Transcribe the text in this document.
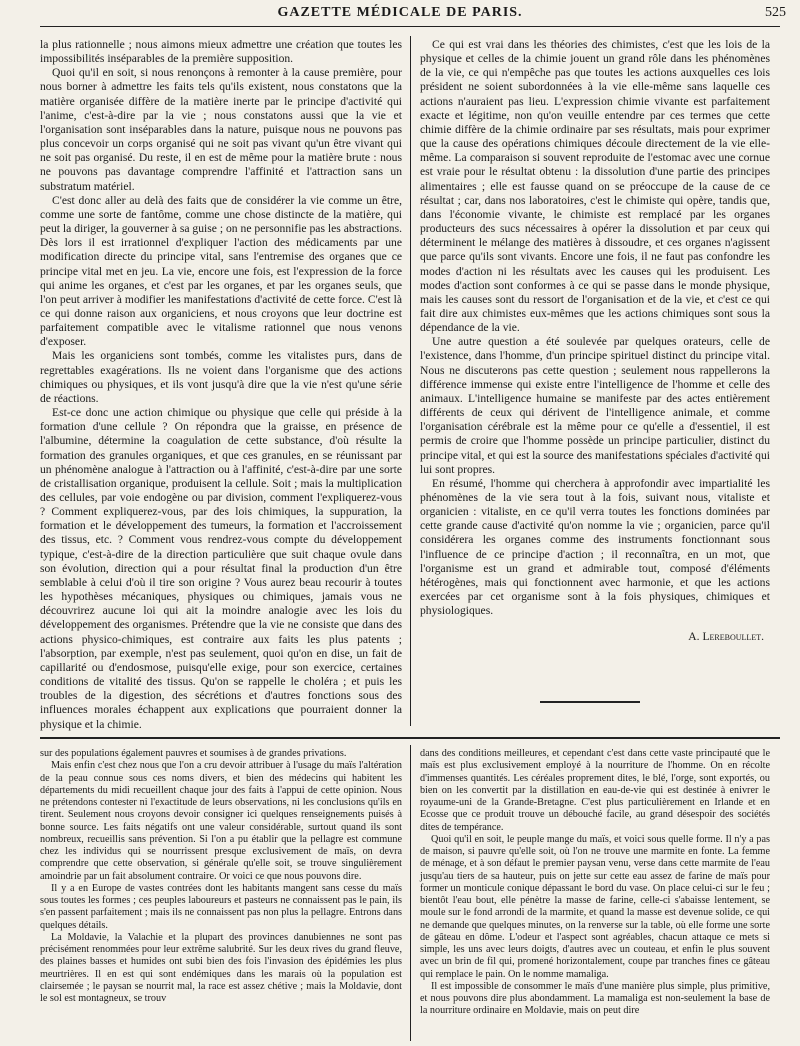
GAZETTE MÉDICALE DE PARIS.	525

la plus rationnelle ; nous aimons mieux admettre une création que toutes les impossibilités inséparables de la première supposition.

Quoi qu'il en soit, si nous renonçons à remonter à la cause première, pour nous borner à admettre les faits tels qu'ils existent, nous constatons que la matière organisée diffère de la matière inerte par le principe d'activité qui l'anime, c'est-à-dire par la vie ; nous constatons aussi que la vie et l'organisation sont inséparables dans la nature, puisque nous ne pouvons pas plus concevoir un corps organisé qui ne soit pas vivant qu'un être vivant qui ne soit pas organisé. Du reste, il en est de même pour la matière brute : nous ne pouvons pas davantage comprendre l'affinité et l'attraction sans un substratum matériel.

C'est donc aller au delà des faits que de considérer la vie comme un être, comme une sorte de fantôme, comme une chose distincte de la matière, qui peut la diriger, la gouverner à sa guise ; on ne personnifie pas les abstractions. Dès lors il est irrationnel d'expliquer l'action des médicaments par une modification directe du principe vital, sans l'entremise des organes que ce principe vital met en jeu. La vie, encore une fois, est l'expression de la force qui anime les organes, et c'est par les organes, et par les organes seuls, que l'on peut arriver à modifier les manifestations d'activité de cette force. C'est là ce qui donne raison aux organiciens, et nous croyons que leur doctrine est parfaitement compatible avec le vitalisme rationnel que nous venons d'exposer.

Mais les organiciens sont tombés, comme les vitalistes purs, dans de regrettables exagérations. Ils ne voient dans l'organisme que des actions chimiques ou physiques, et ils vont jusqu'à dire que la vie n'est qu'une série de réactions.

Est-ce donc une action chimique ou physique que celle qui préside à la formation d'une cellule ? On répondra que la graisse, en présence de l'albumine, détermine la coagulation de cette substance, d'où résulte la formation des granules organiques, et que ces granules, en se réunissant par un phénomène analogue à l'attraction ou à l'affinité, c'est-à-dire par une sorte de cristallisation organique, produisent la cellule. Soit ; mais la multiplication des cellules, par voie endogène ou par division, comment l'expliquerez-vous ? Comment expliquerez-vous, par des lois chimiques, la suppuration, la formation et le développement des tumeurs, la formation et l'accroissement des tissus, etc. ? Comment vous rendrez-vous compte du développement typique, c'est-à-dire de la direction particulière que suit chaque ovule dans son évolution, direction qui a pour résultat final la production d'un être semblable à celui d'où il tire son origine ? Vous aurez beau recourir à toutes les hypothèses mécaniques, physiques ou chimiques, jamais vous ne découvrirez aucune loi qui ait la moindre analogie avec les lois du développement des organismes. Prétendre que la vie ne consiste que dans des actions physico-chimiques, est contraire aux faits les plus patents ; l'absorption, par exemple, n'est pas seulement, quoi qu'on en dise, un fait de capillarité ou d'endosmose, puisqu'elle exige, pour son exercice, certaines conditions de vitalité des tissus. Qu'on se rappelle le choléra ; et puis les troubles de la digestion, des sécrétions et d'autres fonctions sous des influences morales échappent aux explications que pourraient donner la physique et la chimie.

Ce qui est vrai dans les théories des chimistes, c'est que les lois de la physique et celles de la chimie jouent un grand rôle dans les phénomènes de la vie, ce qui n'empêche pas que toutes les actions auxquelles ces lois président ne soient subordonnées à la vie elle-même sans laquelle ces actions n'auraient pas lieu. L'expression chimie vivante est parfaitement exacte et légitime, non qu'on veuille entendre par ces termes que cette chimie diffère de la chimie ordinaire par ses résultats, mais pour exprimer que la cause des opérations chimiques découle directement de la vie elle-même. La comparaison si souvent reproduite de l'estomac avec une cornue est vraie pour le résultat obtenu : la dissolution d'une partie des principes alimentaires ; elle est fausse quand on se préoccupe de la cause de ce résultat ; car, dans nos laboratoires, c'est le chimiste qui opère, tandis que, dans l'économie vivante, le chimiste est remplacé par les organes producteurs des sucs nécessaires à opérer la dissolution et par ceux qui déterminent le mélange des matières à dissoudre, et ces organes n'agissent que parce qu'ils sont vivants. Encore une fois, il ne faut pas confondre les modes d'action ni les résultats avec les causes qui les produisent. Les modes d'action sont conformes à ce qui se passe dans le monde physique, mais les causes sont du ressort de l'organisation et de la vie, et c'est ce qui fait dire aux chimistes eux-mêmes que les actions chimiques sont sous la dépendance de la vie.

Une autre question a été soulevée par quelques orateurs, celle de l'existence, dans l'homme, d'un principe spirituel distinct du principe vital. Nous ne discuterons pas cette question ; seulement nous rappellerons la différence immense qui existe entre l'intelligence de l'homme et celle des animaux. L'intelligence humaine se manifeste par des actes entièrement différents de ceux qui dérivent de l'intelligence animale, et comme l'organisation cérébrale est la même pour ce qu'elle a d'essentiel, il est permis de croire que l'homme possède un principe particulier, distinct du principe vital, et qui est la source des manifestations spéciales d'activité qui lui sont propres.

En résumé, l'homme qui cherchera à approfondir avec impartialité les phénomènes de la vie sera tout à la fois, suivant nous, vitaliste et organicien : vitaliste, en ce qu'il verra toutes les fonctions dominées par cette grande cause d'activité qu'on nomme la vie ; organicien, parce qu'il considérera les organes comme des instruments fonctionnant sous l'influence de ce principe d'action ; il reconnaîtra, en un mot, que l'organisme est un grand et admirable tout, composé d'éléments hétérogènes, mais qui fonctionnent avec harmonie, et que les actions exercées par cet organisme sont à la fois physiques, chimiques et physiologiques.

A. Lereboullet.

sur des populations également pauvres et soumises à de grandes privations.

Mais enfin c'est chez nous que l'on a cru devoir attribuer à l'usage du maïs l'altération de la peau connue sous ces noms divers, et bien des médecins qui habitent les départements du midi recueillent chaque jour des faits à l'appui de cette opinion. Nous ne prétendons contester ni l'exactitude de leurs observations, ni les conclusions qu'ils en tirent. Seulement nous croyons devoir consigner ici quelques renseignements puisés à bonne source. Les faits négatifs ont une valeur considérable, surtout quand ils sont nombreux, recueillis sans prévention. Si l'on a pu établir que la pellagre est commune chez les individus qui se nourrissent presque exclusivement de maïs, on devra comprendre que cette observation, si générale qu'elle soit, se trouve singulièrement amoindrie par un fait absolument contraire. Or voici ce que nous pouvons dire.

Il y a en Europe de vastes contrées dont les habitants mangent sans cesse du maïs sous toutes les formes ; ces peuples laboureurs et pasteurs ne connaissent pas le pain, ils s'en passent parfaitement ; mais ils ne connaissent pas non plus la pellagre. Entrons dans quelques détails.

La Moldavie, la Valachie et la plupart des provinces danubiennes ne sont pas précisément renommées pour leur extrême salubrité. Sur les deux rives du grand fleuve, des plaines basses et humides ont subi bien des fois l'invasion des épidémies les plus meurtrières. Il en est qui sont endémiques dans les marais où la population est clairsemée ; le paysan se nourrit mal, la race est assez chétive ; mais la Moldavie, dont le sol est montagneux, se trouv

dans des conditions meilleures, et cependant c'est dans cette vaste principauté que le maïs est plus exclusivement employé à la nourriture de l'homme. On en récolte d'immenses quantités. Les céréales proprement dites, le blé, l'orge, sont exportés, ou bien on les convertit par la distillation en eau-de-vie qui est destinée à enivrer le royaume-uni de la Grande-Bretagne. C'est plus particulièrement en Irlande et en Ecosse que ce produit trouve un débouché facile, au grand désespoir des sociétés dites de tempérance.

Quoi qu'il en soit, le peuple mange du maïs, et voici sous quelle forme. Il n'y a pas de maison, si pauvre qu'elle soit, où l'on ne trouve une marmite en fonte. La femme de ménage, et à son défaut le premier paysan venu, verse dans cette marmite de l'eau jusqu'au tiers de sa hauteur, puis on jette sur cette eau assez de farine de maïs pour former un monticule conique dépassant le bord du vase. On place celui-ci sur le feu ; bientôt l'eau bout, elle pénètre la masse de farine, celle-ci s'abaisse lentement, se moule sur le fond arrondi de la marmite, et quand la masse est devenue solide, ce qui ne demande que quelques minutes, on la renverse sur la table, où elle forme une sorte de gâteau en dôme. L'odeur et l'aspect sont agréables, chacun attaque ce mets si simple, les uns avec leurs doigts, d'autres avec un couteau, et enfin le plus souvent avec un brin de fil qui, promené horizontalement, coupe par tranches fines ce gâteau qui remplace le pain. On le nomme mamaliga.

Il est impossible de consommer le maïs d'une manière plus simple, plus primitive, et nous pouvons dire plus abondamment. La mamaliga est non-seulement la base de la nourriture ordinaire en Moldavie, mais on peut dire
